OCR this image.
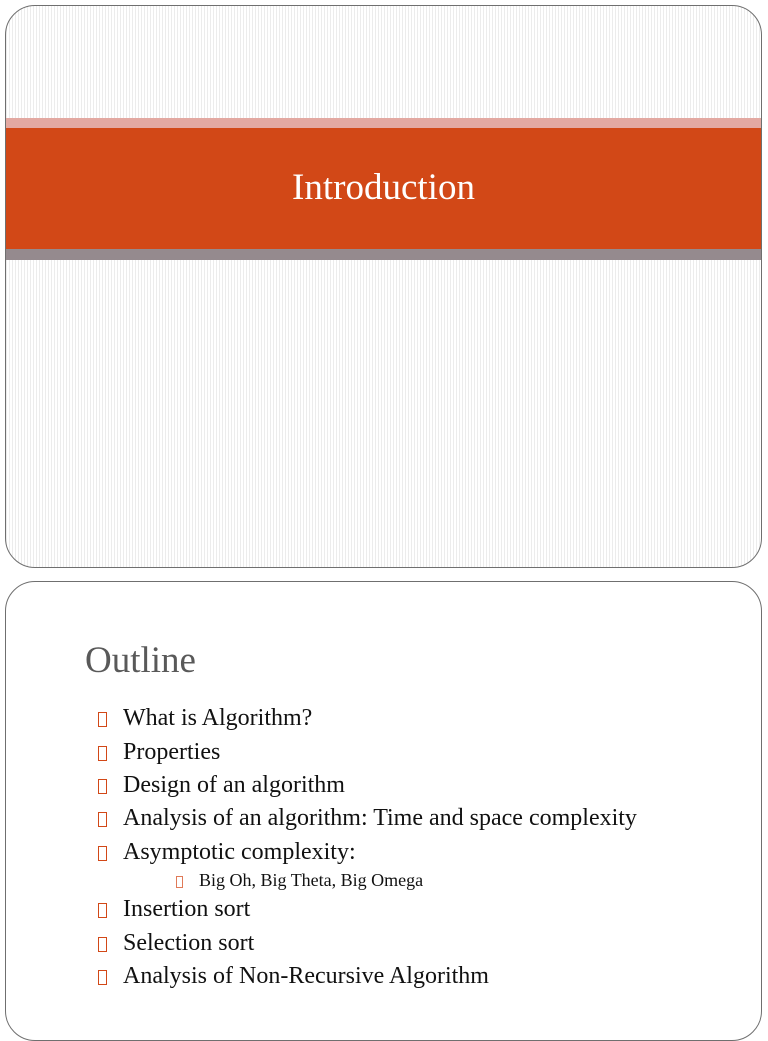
Introduction
Outline
What is Algorithm?
Properties
Design of an algorithm
Analysis of an algorithm: Time and space complexity
Asymptotic complexity:
Big Oh, Big Theta, Big Omega
Insertion sort
Selection sort
Analysis of Non-Recursive Algorithm
